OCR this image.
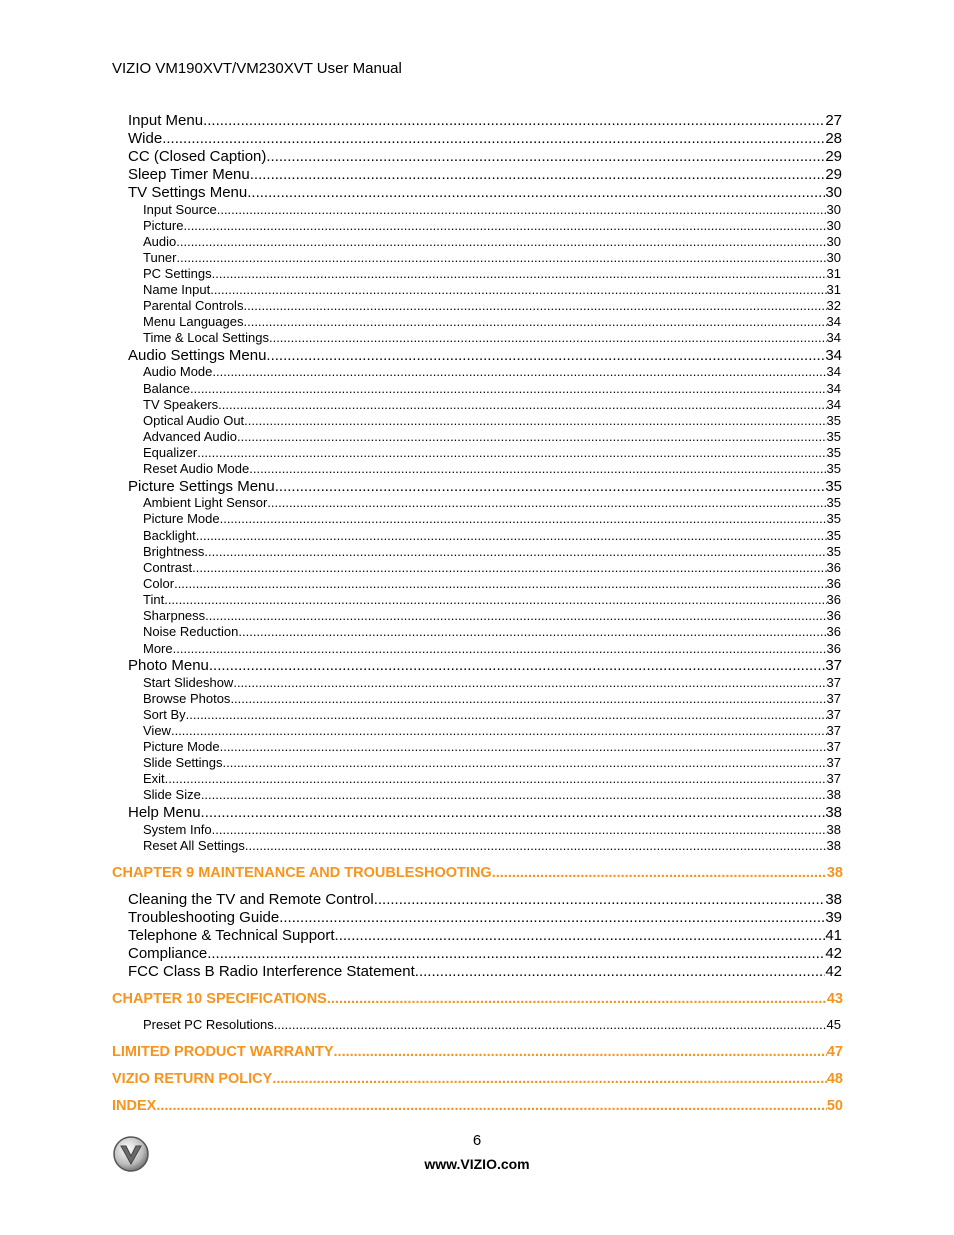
VIZIO VM190XVT/VM230XVT User Manual
Input Menu .....	27
Wide .....	28
CC (Closed Caption) .....	29
Sleep Timer Menu .....	29
TV Settings Menu .....	30
Input Source .....	30
Picture .....	30
Audio .....	30
Tuner .....	30
PC Settings .....	31
Name Input .....	31
Parental Controls .....	32
Menu Languages .....	34
Time & Local Settings .....	34
Audio Settings Menu .....	34
Audio Mode .....	34
Balance .....	34
TV Speakers .....	34
Optical Audio Out .....	35
Advanced Audio .....	35
Equalizer .....	35
Reset Audio Mode .....	35
Picture Settings Menu .....	35
Ambient Light Sensor .....	35
Picture Mode .....	35
Backlight .....	35
Brightness .....	35
Contrast .....	36
Color .....	36
Tint .....	36
Sharpness .....	36
Noise Reduction .....	36
More .....	36
Photo Menu .....	37
Start Slideshow .....	37
Browse Photos .....	37
Sort By .....	37
View .....	37
Picture Mode .....	37
Slide Settings .....	37
Exit .....	37
Slide Size .....	38
Help Menu .....	38
System Info .....	38
Reset All Settings .....	38
CHAPTER 9 MAINTENANCE AND TROUBLESHOOTING .....	38
Cleaning the TV and Remote Control .....	38
Troubleshooting Guide .....	39
Telephone & Technical Support .....	41
Compliance .....	42
FCC Class B Radio Interference Statement .....	42
CHAPTER 10 SPECIFICATIONS .....	43
Preset PC Resolutions .....	45
LIMITED PRODUCT WARRANTY .....	47
VIZIO RETURN POLICY .....	48
INDEX .....	50
6
www.VIZIO.com
